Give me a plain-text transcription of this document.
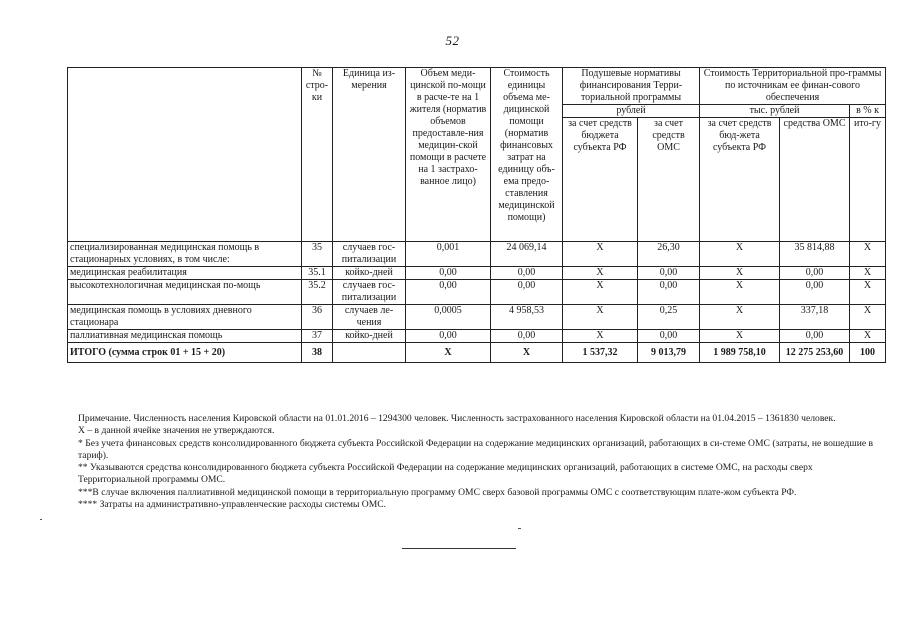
52
	№ стро-ки	Единица из-мерения	Объем меди-цинской по-мощи в расче-те на 1 жителя (норматив объемов предоставле-ния медицин-ской помощи в расчете на 1 застрахо-ванное лицо)	Стоимость единицы объема ме-дицинской помощи (норматив финансовых затрат на единицу объ-ема предо-ставления медицинской помощи)	Подушевые нормативы финансирования Терри-ториальной программы		Стоимость Территориальной про-граммы по источникам ее финан-сового обеспечения		
					рублей		тыс. рублей		в % к
					за счет средств бюджета субъекта РФ	за счет средств ОМС	за счет средств бюд-жета субъекта РФ	средства ОМС	ито-гу
специализированная медицинская помощь в стационарных условиях, в том числе:	35	случаев гос-питализации	0,001	24 069,14	X	26,30	X	35 814,88	X
медицинская реабилитация	35.1	койко-дней	0,00	0,00	X	0,00	X	0,00	X
высокотехнологичная медицинская по-мощь	35.2	случаев гос-питализации	0,00	0,00	X	0,00	X	0,00	X
медицинская помощь в условиях дневного стационара	36	случаев ле-чения	0,0005	4 958,53	X	0,25	X	337,18	X
паллиативная медицинская помощь	37	койко-дней	0,00	0,00	X	0,00	X	0,00	X
ИТОГО (сумма строк 01 + 15 + 20)	38		X	X	1 537,32	9 013,79	1 989 758,10	12 275 253,60	100

Примечание. Численность населения Кировской области на 01.01.2016 – 1294300 человек. Численность застрахованного населения Кировской области на 01.04.2015 – 1361830 человек.

X – в данной ячейке значения не утверждаются.

* Без учета финансовых средств консолидированного бюджета субъекта Российской Федерации на содержание медицинских организаций, работающих в си-стеме ОМС (затраты, не вошедшие в тариф).

** Указываются средства консолидированного бюджета субъекта Российской Федерации на содержание медицинских организаций, работающих в системе ОМС, на расходы сверх Территориальной программы ОМС.

***В случае включения паллиативной медицинской помощи в территориальную программу ОМС сверх базовой программы ОМС с соответствующим плате-жом субъекта РФ.

**** Затраты на административно-управленческие расходы системы ОМС.
